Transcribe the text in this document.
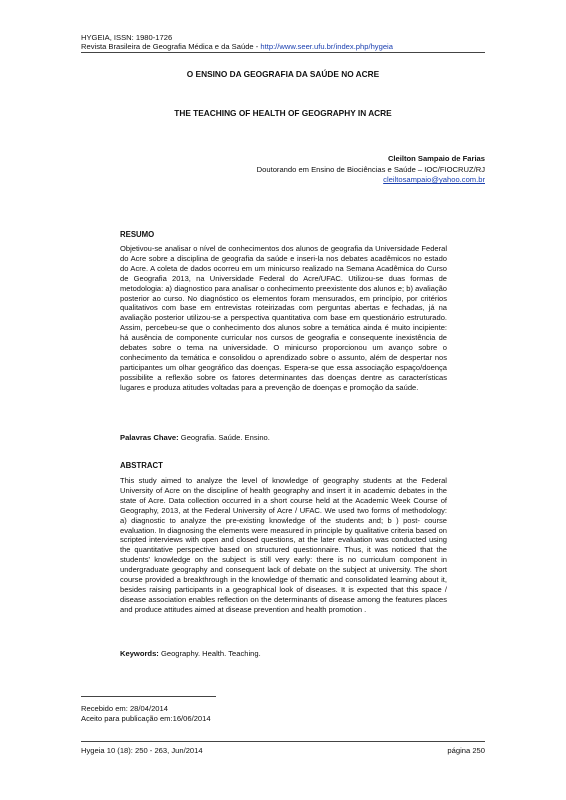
HYGEIA, ISSN: 1980-1726
Revista Brasileira de Geografia Médica e da Saúde - http://www.seer.ufu.br/index.php/hygeia
O ENSINO DA GEOGRAFIA DA SAÚDE NO ACRE
THE TEACHING OF HEALTH OF GEOGRAPHY IN ACRE
Cleilton Sampaio de Farias
Doutorando em Ensino de Biociências e Saúde – IOC/FIOCRUZ/RJ
cleiltosampaio@yahoo.com.br
RESUMO

Objetivou-se analisar o nível de conhecimentos dos alunos de geografia da Universidade Federal do Acre sobre a disciplina de geografia da saúde e inseri-la nos debates acadêmicos no estado do Acre. A coleta de dados ocorreu em um minicurso realizado na Semana Acadêmica do Curso de Geografia 2013, na Universidade Federal do Acre/UFAC. Utilizou-se duas formas de metodologia: a) diagnostico para analisar o conhecimento preexistente dos alunos e; b) avaliação posterior ao curso. No diagnóstico os elementos foram mensurados, em princípio, por critérios qualitativos com base em entrevistas roteirizadas com perguntas abertas e fechadas, já na avaliação posterior utilizou-se a perspectiva quantitativa com base em questionário estruturado. Assim, percebeu-se que o conhecimento dos alunos sobre a temática ainda é muito incipiente: há ausência de componente curricular nos cursos de geografia e consequente inexistência de debates sobre o tema na universidade. O minicurso proporcionou um avanço sobre o conhecimento da temática e consolidou o aprendizado sobre o assunto, além de despertar nos participantes um olhar geográfico das doenças. Espera-se que essa associação espaço/doença possibilite a reflexão sobre os fatores determinantes das doenças dentre as características lugares e produza atitudes voltadas para a prevenção de doenças e promoção da saúde.

Palavras Chave: Geografia. Saúde. Ensino.
ABSTRACT

This study aimed to analyze the level of knowledge of geography students at the Federal University of Acre on the discipline of health geography and insert it in academic debates in the state of Acre. Data collection occurred in a short course held at the Academic Week Course of Geography, 2013, at the Federal University of Acre / UFAC. We used two forms of methodology: a) diagnostic to analyze the pre-existing knowledge of the students and; b ) post- course evaluation. In diagnosing the elements were measured in principle by qualitative criteria based on scripted interviews with open and closed questions, at the later evaluation was conducted using the quantitative perspective based on structured questionnaire. Thus, it was noticed that the students' knowledge on the subject is still very early: there is no curriculum component in undergraduate geography and consequent lack of debate on the subject at university. The short course provided a breakthrough in the knowledge of thematic and consolidated learning about it, besides raising participants in a geographical look of diseases. It is expected that this space / disease association enables reflection on the determinants of disease among the features places and produce attitudes aimed at disease prevention and health promotion .

Keywords: Geography. Health. Teaching.
Recebido em: 28/04/2014
Aceito para publicação em:16/06/2014
Hygeia 10 (18): 250 - 263, Jun/2014	página 250
